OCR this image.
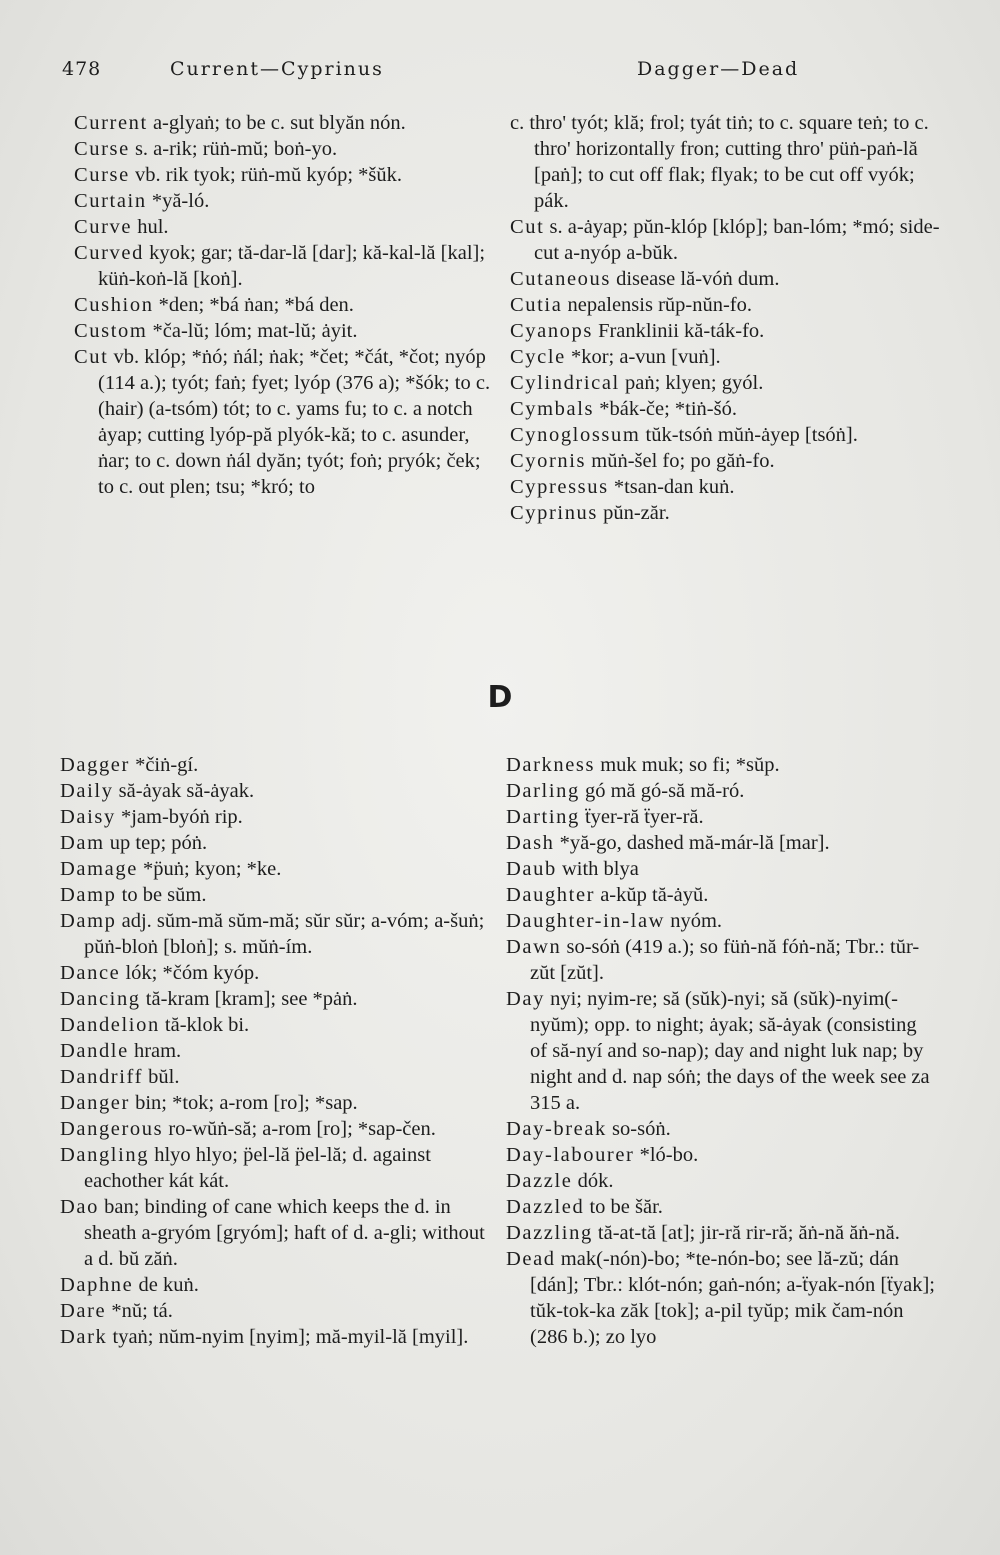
478	Current—Cyprinus	Dagger—Dead
Current a-glyaṅ; to be c. sut blyăn nón.
Curse s. a-rik; rüṅ-mŭ; boṅ-yo.
Curse vb. rik tyok; rüṅ-mŭ kyóp; *šŭk.
Curtain *yă-ló.
Curve hul.
Curved kyok; gar; tă-dar-lă [dar]; kă-kal-lă [kal]; küṅ-koṅ-lă [koṅ].
Cushion *den; *bá ṅan; *bá den.
Custom *ča-lŭ; lóm; mat-lŭ; ȧyit.
Cut vb. klóp; *ṅó; ṅál; ṅak; *čet; *čát, *čot; nyóp (114 a.); tyót; faṅ; fyet; lyóp (376 a); *šók; to c. (hair) (a-tsóm) tót; to c. yams fu; to c. a notch ȧyap; cutting lyóp-pă plyók-kă; to c. asunder, ṅar; to c. down ṅál dyăn; tyót; foṅ; pryók; ček; to c. out plen; tsu; *kró; to
c. thro' tyót; klă; frol; tyát tiṅ; to c. square teṅ; to c. thro' horizontally fron; cutting thro' püṅ-paṅ-lă [paṅ]; to cut off flak; flyak; to be cut off vyók; pák.
Cut s. a-ȧyap; pŭn-klóp [klóp]; ban-lóm; *mó; side-cut a-nyóp a-bŭk.
Cutaneous disease lă-vóṅ dum.
Cutia nepalensis rŭp-nŭn-fo.
Cyanops Franklinii kă-ták-fo.
Cycle *kor; a-vun [vuṅ].
Cylindrical paṅ; klyen; gyól.
Cymbals *bák-če; *tiṅ-šó.
Cynoglossum tŭk-tsóṅ mŭṅ-ȧyep [tsóṅ].
Cyornis mŭṅ-šel fo; po găṅ-fo.
Cypressus *tsan-dan kuṅ.
Cyprinus pŭn-zăr.
D
Dagger *čiṅ-gí.
Daily să-ȧyak să-ȧyak.
Daisy *jam-byóṅ rip.
Dam up tep; póṅ.
Damage *p̈uṅ; kyon; *ke.
Damp to be sŭm.
Damp adj. sŭm-mă sŭm-mă; sŭr sŭr; a-vóm; a-šuṅ; pŭṅ-bloṅ [bloṅ]; s. mŭṅ-ím.
Dance lók; *čóm kyóp.
Dancing tă-kram [kram]; see *pȧṅ.
Dandelion tă-klok bi.
Dandle hram.
Dandriff bŭl.
Danger bin; *tok; a-rom [ro]; *sap.
Dangerous ro-wŭṅ-să; a-rom [ro]; *sap-čen.
Dangling hlyo hlyo; p̈el-lă p̈el-lă; d. against eachother kát kát.
Dao ban; binding of cane which keeps the d. in sheath a-gryóm [gryóm]; haft of d. a-gli; without a d. bŭ zăṅ.
Daphne de kuṅ.
Dare *nŭ; tá.
Dark tyaṅ; nŭm-nyim [nyim]; mă-myil-lă [myil].
Darkness muk muk; so fi; *sŭp.
Darling gó mă gó-să mă-ró.
Darting ẗyer-ră ẗyer-ră.
Dash *yă-go, dashed mă-már-lă [mar].
Daub with blya
Daughter a-kŭp tă-ȧyŭ.
Daughter-in-law nyóm.
Dawn so-sóṅ (419 a.); so füṅ-nă fóṅ-nă; Tbr.: tŭr-zŭt [zŭt].
Day nyi; nyim-re; să (sŭk)-nyi; să (sŭk)-nyim(-nyŭm); opp. to night; ȧyak; să-ȧyak (consisting of să-nyí and so-nap); day and night luk nap; by night and d. nap sóṅ; the days of the week see za 315 a.
Day-break so-sóṅ.
Day-labourer *ló-bo.
Dazzle dók.
Dazzled to be šăr.
Dazzling tă-at-tă [at]; jir-ră rir-ră; ăṅ-nă ăṅ-nă.
Dead mak(-nón)-bo; *te-nón-bo; see lă-zŭ; dán [dán]; Tbr.: klót-nón; gaṅ-nón; a-ẗyak-nón [ẗyak]; tŭk-tok-ka zăk [tok]; a-pil tyŭp; mik čam-nón (286 b.); zo lyo
